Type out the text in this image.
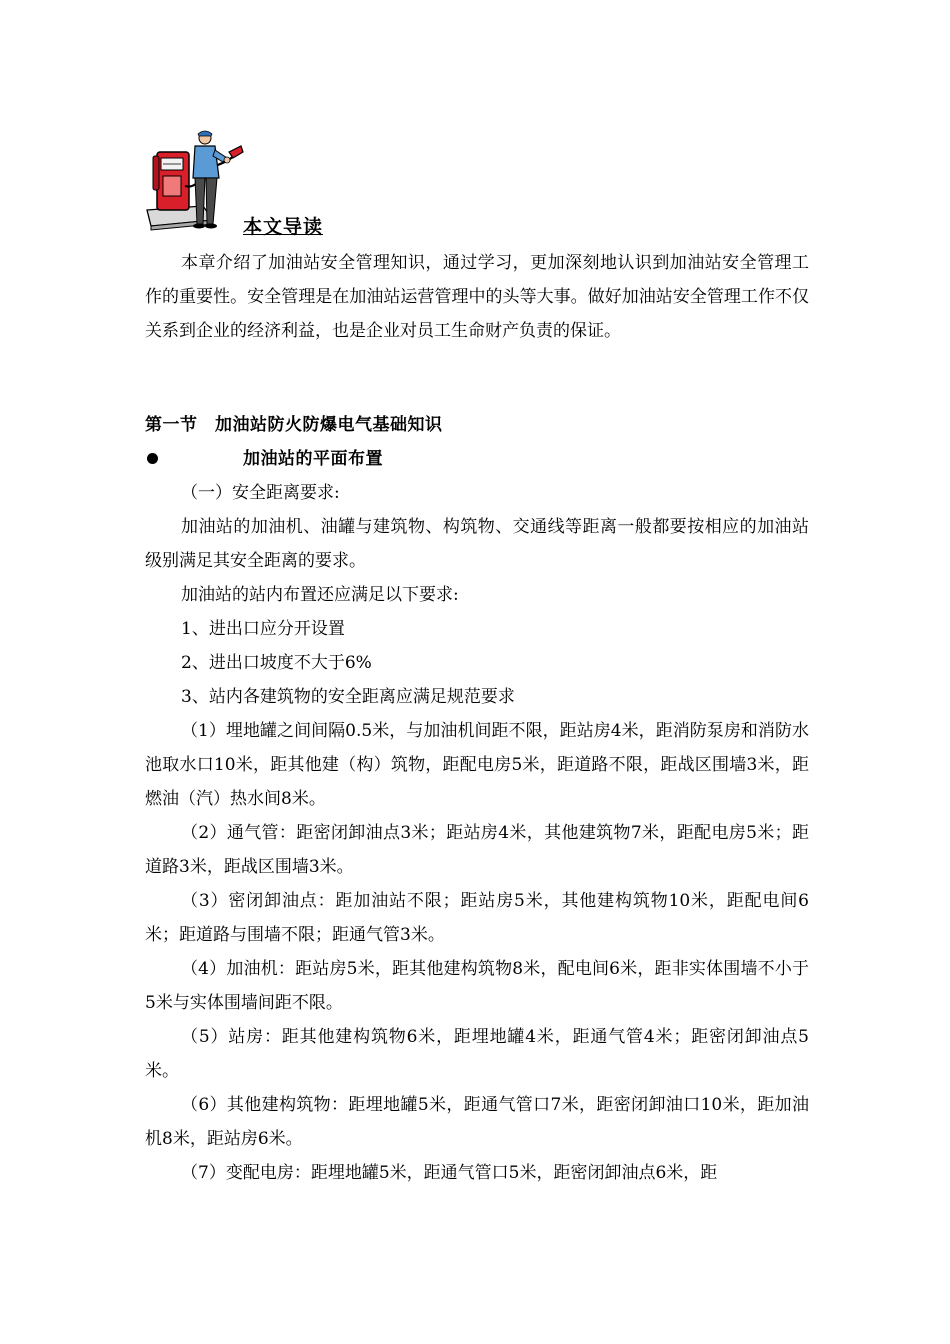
本文导读

本章介绍了加油站安全管理知识，通过学习，更加深刻地认识到加油站安全管理工作的重要性。安全管理是在加油站运营管理中的头等大事。做好加油站安全管理工作不仅关系到企业的经济利益，也是企业对员工生命财产负责的保证。

第一节　加油站防火防爆电气基础知识
加油站的平面布置

（一）安全距离要求:

加油站的加油机、油罐与建筑物、构筑物、交通线等距离一般都要按相应的加油站级别满足其安全距离的要求。

加油站的站内布置还应满足以下要求:

1、进出口应分开设置

2、进出口坡度不大于6%

3、站内各建筑物的安全距离应满足规范要求

（1）埋地罐之间间隔0.5米，与加油机间距不限，距站房4米，距消防泵房和消防水池取水口10米，距其他建（构）筑物，距配电房5米，距道路不限，距战区围墙3米，距燃油（汽）热水间8米。

（2）通气管：距密闭卸油点3米；距站房4米，其他建筑物7米，距配电房5米；距道路3米，距战区围墙3米。

（3）密闭卸油点：距加油站不限；距站房5米，其他建构筑物10米，距配电间6米；距道路与围墙不限；距通气管3米。

（4）加油机：距站房5米，距其他建构筑物8米，配电间6米，距非实体围墙不小于5米与实体围墙间距不限。

（5）站房：距其他建构筑物6米，距埋地罐4米，距通气管4米；距密闭卸油点5米。

（6）其他建构筑物：距埋地罐5米，距通气管口7米，距密闭卸油口10米，距加油机8米，距站房6米。

（7）变配电房：距埋地罐5米，距通气管口5米，距密闭卸油点6米，距
